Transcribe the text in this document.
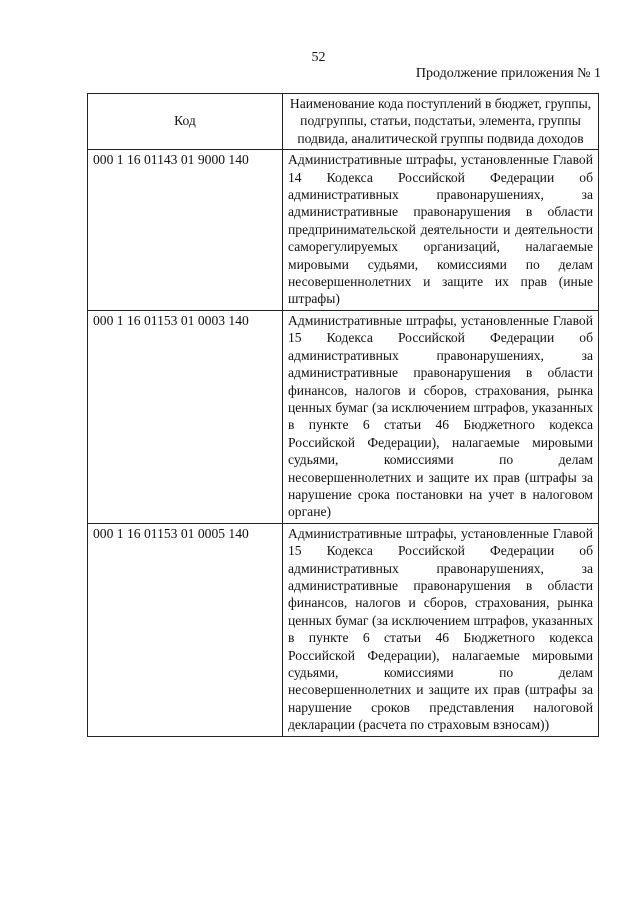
52
Продолжение приложения № 1
Код	Наименование кода поступлений в бюджет, группы, подгруппы, статьи, подстатьи, элемента, группы подвида, аналитической группы подвида доходов
000 1 16 01143 01 9000 140	Административные штрафы, установленные Главой 14 Кодекса Российской Федерации об административных правонарушениях, за административные правонарушения в области предпринимательской деятельности и деятельности саморегулируемых организаций, налагаемые мировыми судьями, комиссиями по делам несовершеннолетних и защите их прав (иные штрафы)
000 1 16 01153 01 0003 140	Административные штрафы, установленные Главой 15 Кодекса Российской Федерации об административных правонарушениях, за административные правонарушения в области финансов, налогов и сборов, страхования, рынка ценных бумаг (за исключением штрафов, указанных в пункте 6 статьи 46 Бюджетного кодекса Российской Федерации), налагаемые мировыми судьями, комиссиями по делам несовершеннолетних и защите их прав (штрафы за нарушение срока постановки на учет в налоговом органе)
000 1 16 01153 01 0005 140	Административные штрафы, установленные Главой 15 Кодекса Российской Федерации об административных правонарушениях, за административные правонарушения в области финансов, налогов и сборов, страхования, рынка ценных бумаг (за исключением штрафов, указанных в пункте 6 статьи 46 Бюджетного кодекса Российской Федерации), налагаемые мировыми судьями, комиссиями по делам несовершеннолетних и защите их прав (штрафы за нарушение сроков представления налоговой декларации (расчета по страховым взносам))
